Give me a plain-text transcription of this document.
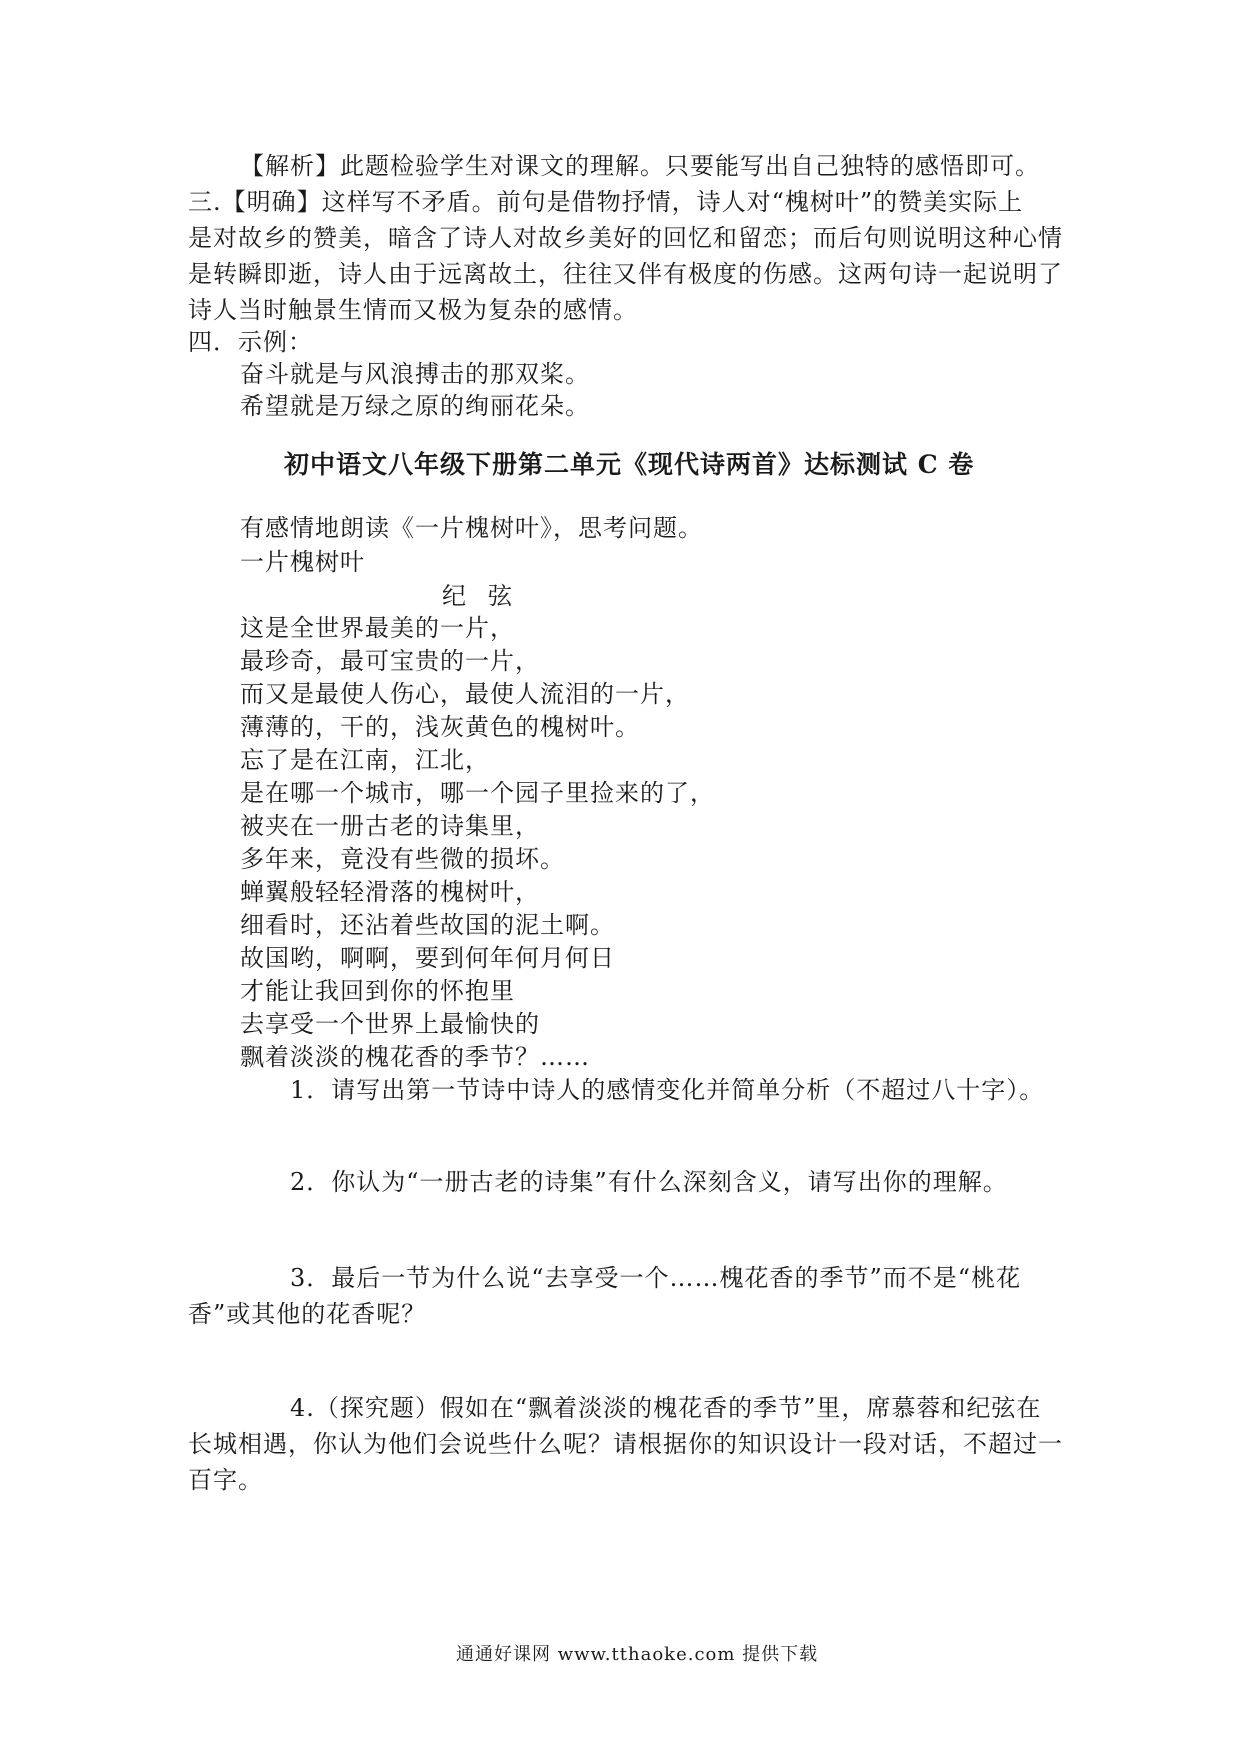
【解析】此题检验学生对课文的理解。只要能写出自己独特的感悟即可。
三.【明确】这样写不矛盾。前句是借物抒情，诗人对“槐树叶”的赞美实际上
是对故乡的赞美，暗含了诗人对故乡美好的回忆和留恋；而后句则说明这种心情
是转瞬即逝，诗人由于远离故土，往往又伴有极度的伤感。这两句诗一起说明了
诗人当时触景生情而又极为复杂的感情。
四．示例：
奋斗就是与风浪搏击的那双桨。
希望就是万绿之原的绚丽花朵。
初中语文八年级下册第二单元《现代诗两首》达标测试 C 卷
有感情地朗读《一片槐树叶》，思考问题。
一片槐树叶
纪弦
这是全世界最美的一片，
最珍奇，最可宝贵的一片，
而又是最使人伤心，最使人流泪的一片，
薄薄的，干的，浅灰黄色的槐树叶。
忘了是在江南，江北，
是在哪一个城市，哪一个园子里捡来的了，
被夹在一册古老的诗集里，
多年来，竟没有些微的损坏。
蝉翼般轻轻滑落的槐树叶，
细看时，还沾着些故国的泥土啊。
故国哟，啊啊，要到何年何月何日
才能让我回到你的怀抱里
去享受一个世界上最愉快的
飘着淡淡的槐花香的季节？……
1．请写出第一节诗中诗人的感情变化并简单分析（不超过八十字）。
2．你认为“一册古老的诗集”有什么深刻含义，请写出你的理解。
3．最后一节为什么说“去享受一个……槐花香的季节”而不是“桃花
香”或其他的花香呢？
4.（探究题）假如在“飘着淡淡的槐花香的季节”里，席慕蓉和纪弦在
长城相遇，你认为他们会说些什么呢？请根据你的知识设计一段对话，不超过一
百字。
通通好课网 www.tthaoke.com 提供下载
